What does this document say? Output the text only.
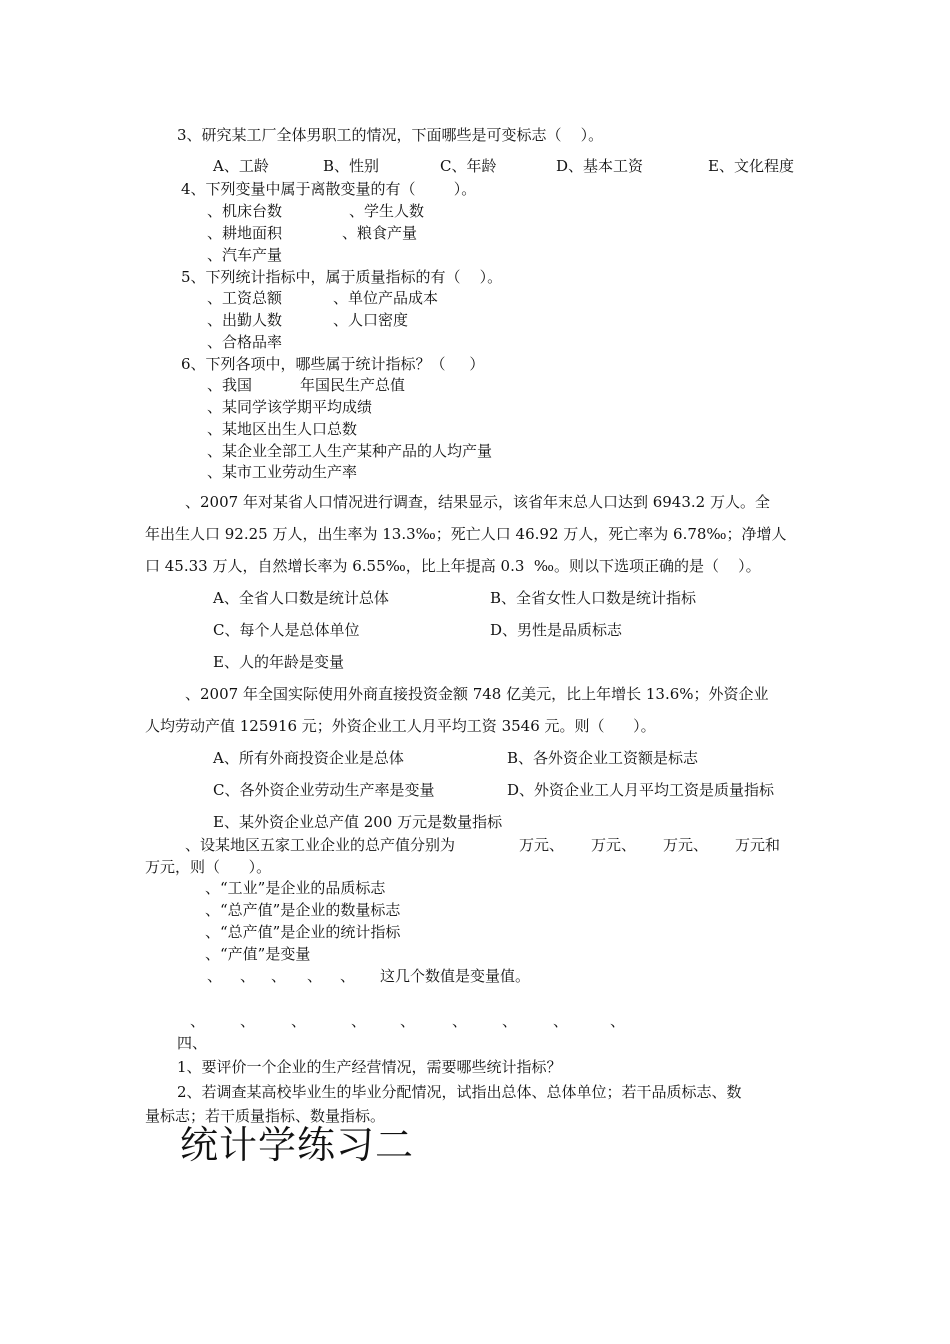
3、研究某工厂全体男职工的情况，下面哪些是可变标志（    ）。
A、工龄	B、性别	C、年龄	D、基本工资	E、文化程度
4、下列变量中属于离散变量的有（        ）。
、机床台数	、学生人数
、耕地面积	、粮食产量
、汽车产量
5、下列统计指标中，属于质量指标的有（    ）。
、工资总额	、单位产品成本
、出勤人数	、人口密度
、合格品率
6、下列各项中，哪些属于统计指标？（     ）
、我国	年国民生产总值
、某同学该学期平均成绩
、某地区出生人口总数
、某企业全部工人生产某种产品的人均产量
、某市工业劳动生产率
、2007 年对某省人口情况进行调查，结果显示，该省年末总人口达到 6943.2 万人。全
年出生人口 92.25 万人，出生率为 13.3‰；死亡人口 46.92 万人，死亡率为 6.78‰；净增人
口 45.33 万人，自然增长率为 6.55‰，比上年提高 0.3  ‰。则以下选项正确的是（    ）。
A、全省人口数是统计总体	B、全省女性人口数是统计指标
C、每个人是总体单位	D、男性是品质标志
E、人的年龄是变量
、2007 年全国实际使用外商直接投资金额 748 亿美元，比上年增长 13.6%；外资企业
人均劳动产值 125916 元；外资企业工人月平均工资 3546 元。则（      ）。
A、所有外商投资企业是总体	B、各外资企业工资额是标志
C、各外资企业劳动生产率是变量	D、外资企业工人月平均工资是质量指标
E、某外资企业总产值 200 万元是数量指标
、设某地区五家工业企业的总产值分别为	万元、 万元、 万元、 万元和
万元，则（      ）。
、“工业”是企业的品质标志
、“总产值”是企业的数量标志
、“总产值”是企业的统计指标
、“产值”是变量
、 、 、 、 、 这几个数值是变量值。
、 、 、	、 、 、 、 、	、
四、
1、要评价一个企业的生产经营情况，需要哪些统计指标？
2、若调查某高校毕业生的毕业分配情况，试指出总体、总体单位；若干品质标志、数
量标志；若干质量指标、数量指标。
统计学练习二
